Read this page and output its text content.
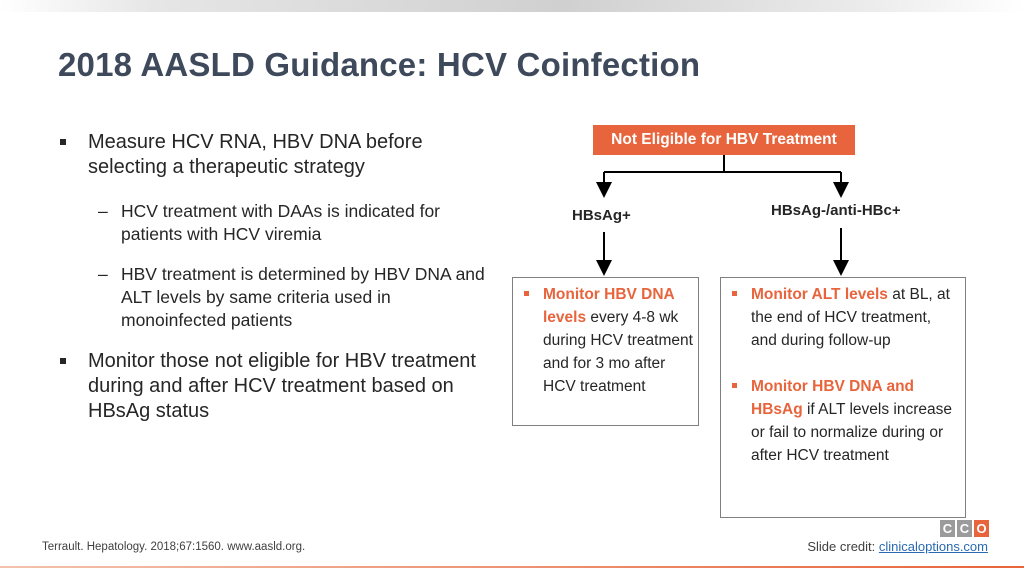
2018 AASLD Guidance: HCV Coinfection
Measure HCV RNA, HBV DNA before selecting a therapeutic strategy
– HCV treatment with DAAs is indicated for patients with HCV viremia
– HBV treatment is determined by HBV DNA and ALT levels by same criteria used in monoinfected patients
Monitor those not eligible for HBV treatment during and after HCV treatment based on HBsAg status
Not Eligible for HBV Treatment
HBsAg+	HBsAg-/anti-HBc+
Monitor HBV DNA levels every 4-8 wk during HCV treatment and for 3 mo after HCV treatment
Monitor ALT levels at BL, at the end of HCV treatment, and during follow-up
Monitor HBV DNA and HBsAg if ALT levels increase or fail to normalize during or after HCV treatment
C C O
Terrault. Hepatology. 2018;67:1560. www.aasld.org.	Slide credit: clinicaloptions.com
